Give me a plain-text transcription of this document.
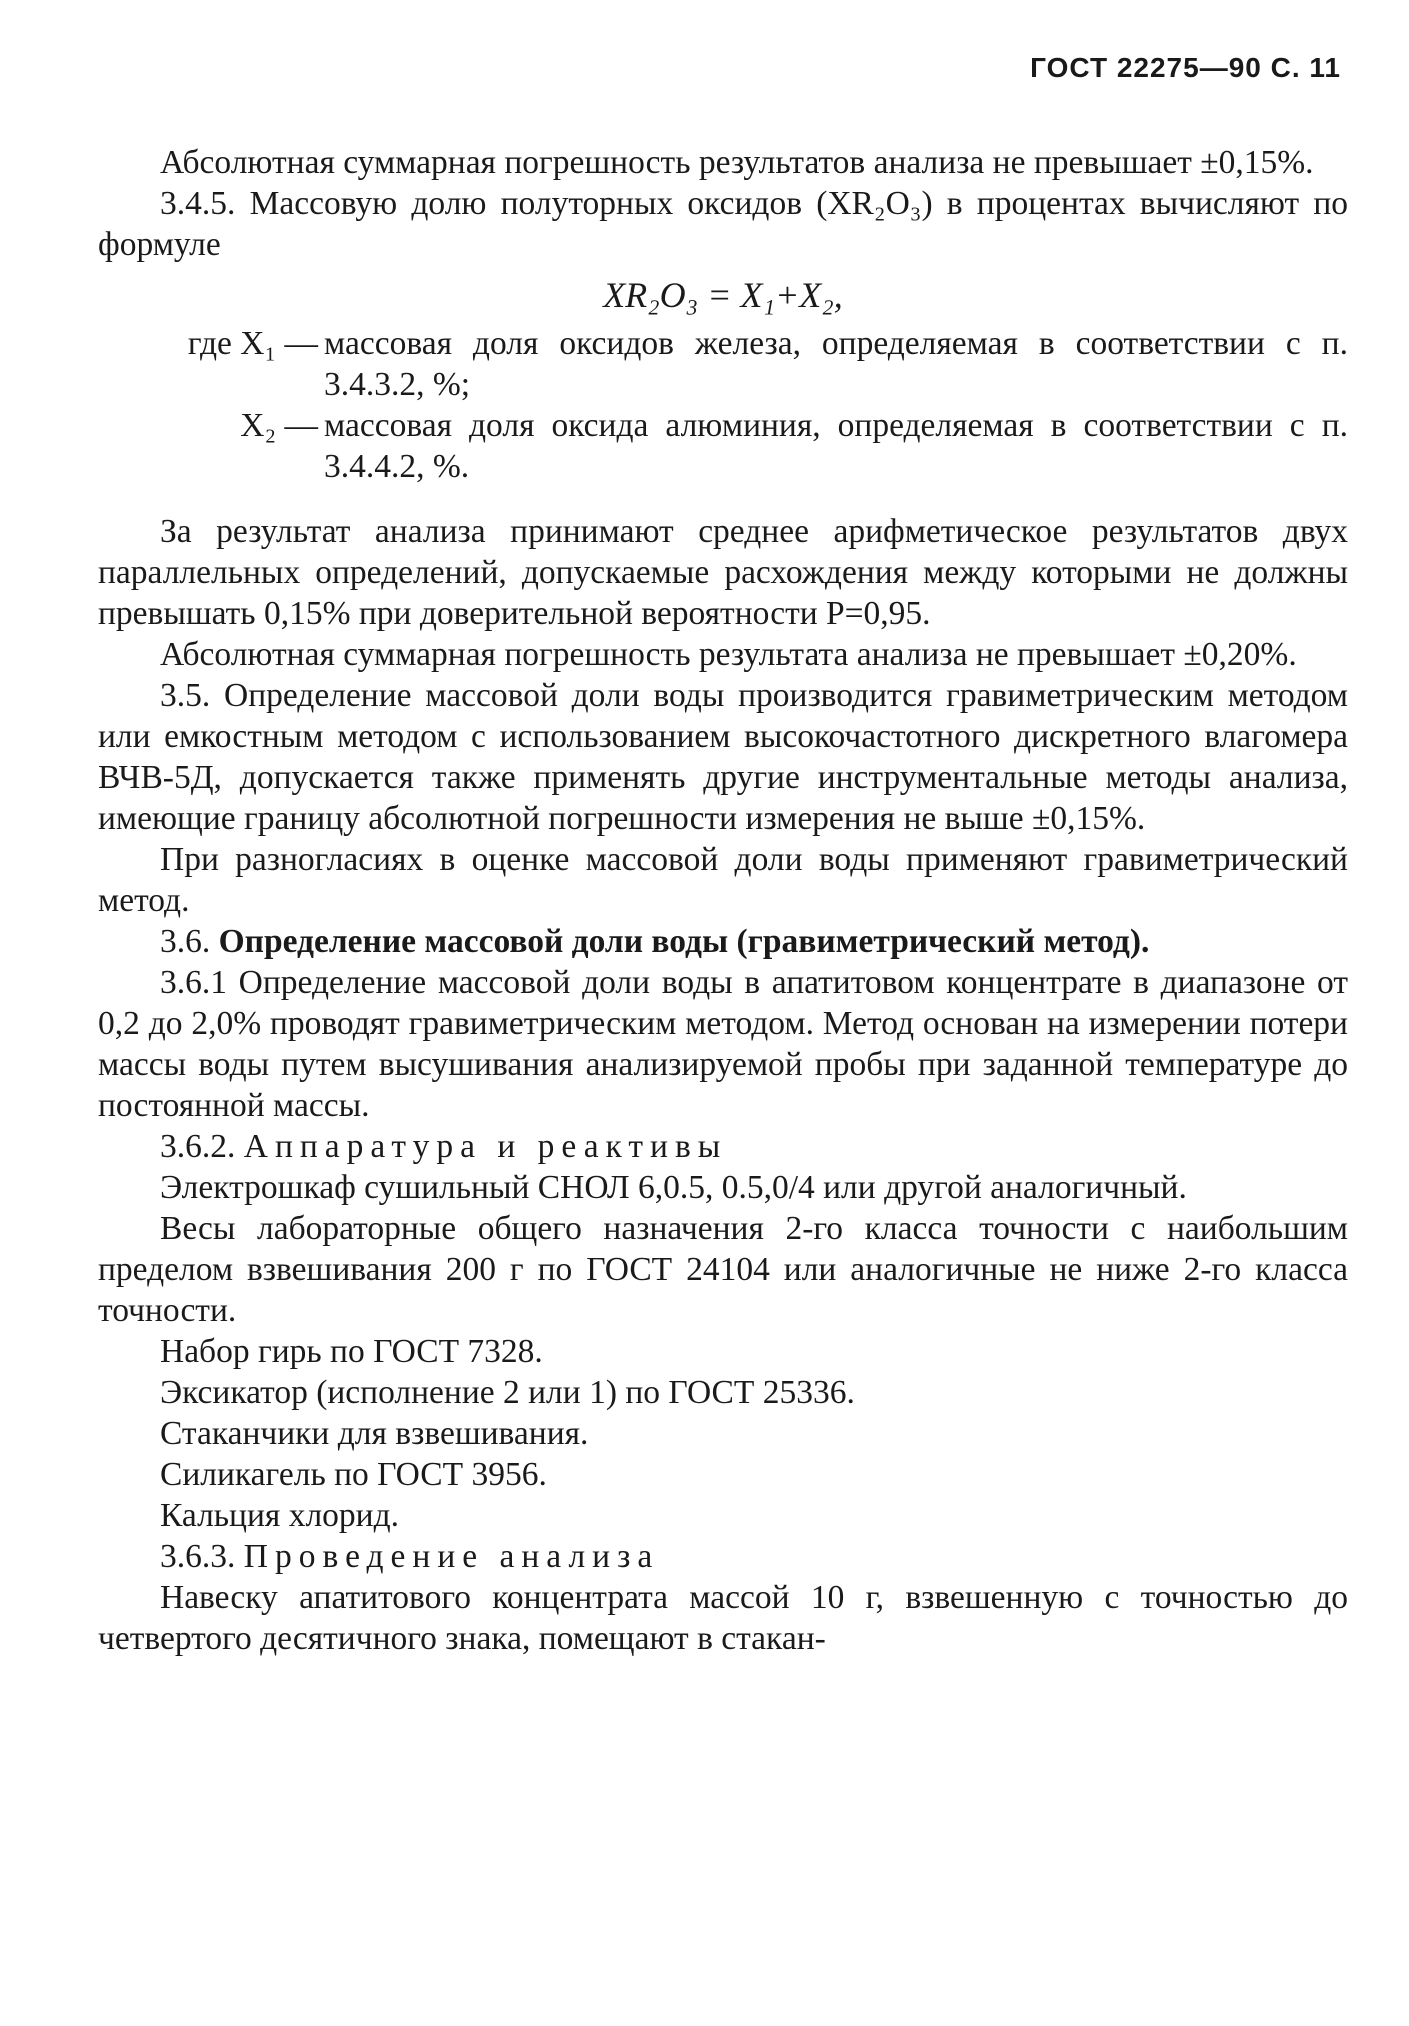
ГОСТ 22275—90 С. 11

Абсолютная суммарная погрешность результатов анализа не превышает ±0,15%.

3.4.5. Массовую долю полуторных оксидов (XR₂O₃) в процентах вычисляют по формуле

XR₂O₃ = X₁+X₂,
где X₁ — массовая доля оксидов железа, определяемая в соответствии с п. 3.4.3.2, %;
X₂ — массовая доля оксида алюминия, определяемая в соответствии с п. 3.4.4.2, %.

За результат анализа принимают среднее арифметическое результатов двух параллельных определений, допускаемые расхождения между которыми не должны превышать 0,15% при доверительной вероятности P=0,95.

Абсолютная суммарная погрешность результата анализа не превышает ±0,20%.

3.5. Определение массовой доли воды производится гравиметрическим методом или емкостным методом с использованием высокочастотного дискретного влагомера ВЧВ-5Д, допускается также применять другие инструментальные методы анализа, имеющие границу абсолютной погрешности измерения не выше ±0,15%.

При разногласиях в оценке массовой доли воды применяют гравиметрический метод.

3.6. Определение массовой доли воды (гравиметрический метод).

3.6.1 Определение массовой доли воды в апатитовом концентрате в диапазоне от 0,2 до 2,0% проводят гравиметрическим методом. Метод основан на измерении потери массы воды путем высушивания анализируемой пробы при заданной температуре до постоянной массы.

3.6.2. Аппаратура и реактивы

Электрошкаф сушильный СНОЛ 6,0.5, 0.5,0/4 или другой аналогичный.

Весы лабораторные общего назначения 2-го класса точности с наибольшим пределом взвешивания 200 г по ГОСТ 24104 или аналогичные не ниже 2-го класса точности.

Набор гирь по ГОСТ 7328.

Эксикатор (исполнение 2 или 1) по ГОСТ 25336.

Стаканчики для взвешивания.

Силикагель по ГОСТ 3956.

Кальция хлорид.

3.6.3. Проведение анализа

Навеску апатитового концентрата массой 10 г, взвешенную с точностью до четвертого десятичного знака, помещают в стакан-
